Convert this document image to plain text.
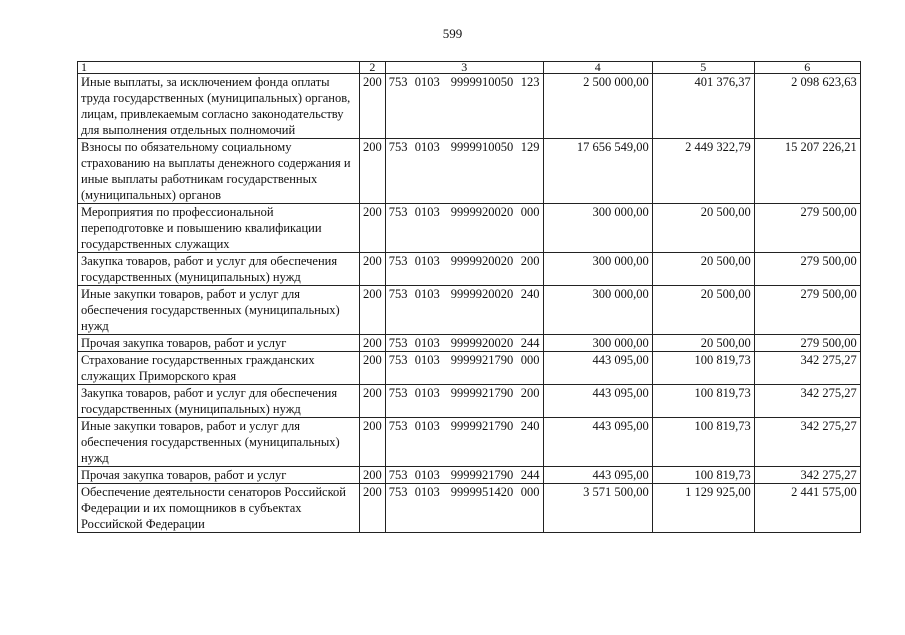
599
1	2	3	4	5	6
Иные выплаты, за исключением фонда оплаты труда государственных (муниципальных) органов, лицам, привлекаемым согласно законодательству для выполнения отдельных полномочий	200	753 0103 9999910050 123	2 500 000,00	401 376,37	2 098 623,63
Взносы по обязательному социальному страхованию на выплаты денежного содержания и иные выплаты работникам государственных (муниципальных) органов	200	753 0103 9999910050 129	17 656 549,00	2 449 322,79	15 207 226,21
Мероприятия по профессиональной переподготовке и повышению квалификации государственных служащих	200	753 0103 9999920020 000	300 000,00	20 500,00	279 500,00
Закупка товаров, работ и услуг для обеспечения государственных (муниципальных) нужд	200	753 0103 9999920020 200	300 000,00	20 500,00	279 500,00
Иные закупки товаров, работ и услуг для обеспечения государственных (муниципальных) нужд	200	753 0103 9999920020 240	300 000,00	20 500,00	279 500,00
Прочая закупка товаров, работ и услуг	200	753 0103 9999920020 244	300 000,00	20 500,00	279 500,00
Страхование государственных гражданских служащих Приморского края	200	753 0103 9999921790 000	443 095,00	100 819,73	342 275,27
Закупка товаров, работ и услуг для обеспечения государственных (муниципальных) нужд	200	753 0103 9999921790 200	443 095,00	100 819,73	342 275,27
Иные закупки товаров, работ и услуг для обеспечения государственных (муниципальных) нужд	200	753 0103 9999921790 240	443 095,00	100 819,73	342 275,27
Прочая закупка товаров, работ и услуг	200	753 0103 9999921790 244	443 095,00	100 819,73	342 275,27
Обеспечение деятельности сенаторов Российской Федерации и их помощников в субъектах Российской Федерации	200	753 0103 9999951420 000	3 571 500,00	1 129 925,00	2 441 575,00
